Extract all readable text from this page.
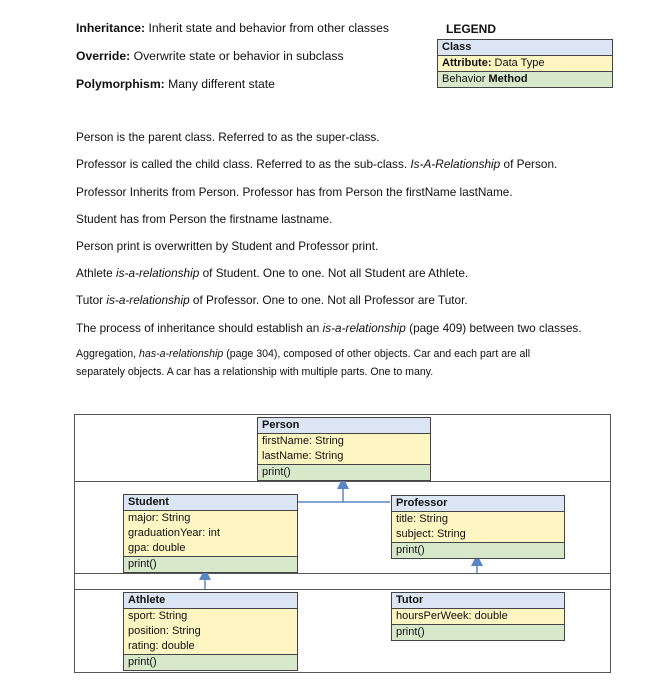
Inheritance: Inherit state and behavior from other classes
Override: Overwrite state or behavior in subclass
Polymorphism: Many different state
LEGEND
Class
Attribute: Data Type
Behavior Method
Person is the parent class. Referred to as the super-class.
Professor is called the child class. Referred to as the sub-class. Is-A-Relationship of Person.
Professor Inherits from Person. Professor has from Person the firstName lastName.
Student has from Person the firstname lastname.
Person print is overwritten by Student and Professor print.
Athlete is-a-relationship of Student. One to one. Not all Student are Athlete.
Tutor is-a-relationship of Professor. One to one. Not all Professor are Tutor.
The process of inheritance should establish an is-a-relationship (page 409) between two classes.
Aggregation, has-a-relationship (page 304), composed of other objects. Car and each part are all
separately objects. A car has a relationship with multiple parts. One to many.
Person
firstName: String
lastName: String
print()
Student
major: String
graduationYear: int
gpa: double
print()
Professor
title: String
subject: String
print()
Athlete
sport: String
position: String
rating: double
print()
Tutor
hoursPerWeek: double
print()
